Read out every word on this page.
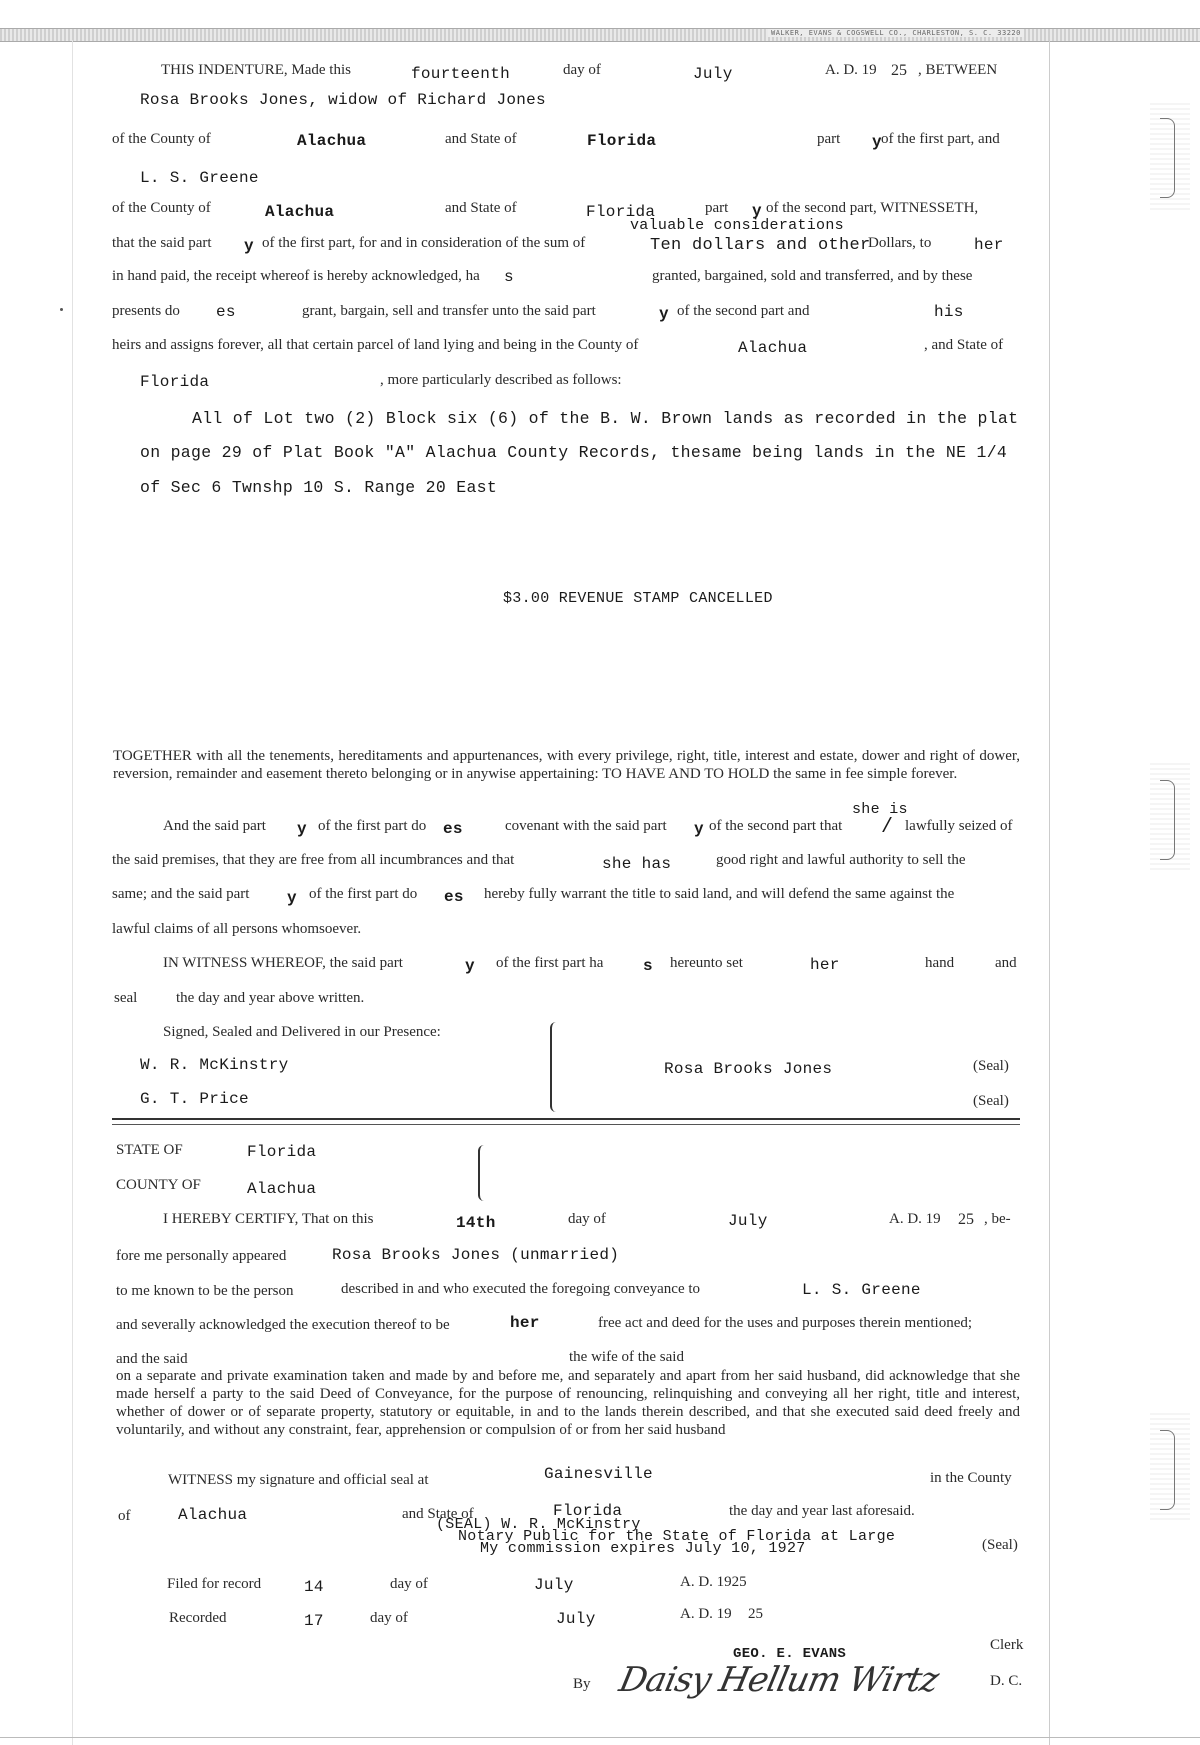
WALKER, EVANS & COGSWELL CO., CHARLESTON, S. C. 33220
THIS INDENTURE, Made this	fourteenth	day of	July	A. D. 19 25 , BETWEEN
Rosa Brooks Jones, widow of Richard Jones
of the County of	Alachua	and State of	Florida	part y of the first part, and
L. S. Greene
of the County of	Alachua	and State of	Florida	part y of the second part, WITNESSETH,
valuable considerations
that the said part y of the first part, for and in consideration of the sum of	Ten dollars and other
Dollars, to	her
in hand paid, the receipt whereof is hereby acknowledged, ha s	granted, bargained, sold and transferred, and by these
presents do es	grant, bargain, sell and transfer unto the said part	y of the second part and	his
heirs and assigns forever, all that certain parcel of land lying and being in the County of	Alachua	, and State of
Florida	, more particularly described as follows:
All of Lot two (2) Block six (6) of the B. W. Brown lands as recorded in the plat
on page 29 of Plat Book "A" Alachua County Records, thesame being lands in the NE 1/4
of Sec 6 Twnshp 10 S. Range 20 East
$3.00 REVENUE STAMP CANCELLED
TOGETHER with all the tenements, hereditaments and appurtenances, with every privilege, right, title, interest and estate, dower and right of dower, reversion, remainder and easement thereto belonging or in anywise appertaining: TO HAVE AND TO HOLD the same in fee simple forever.
she is
And the said part y of the first part do es	covenant with the said part y of the second part that / lawfully seized of
the said premises, that they are free from all incumbrances and that	she has	good right and lawful authority to sell the
same; and the said part y of the first part do es hereby fully warrant the title to said land, and will defend the same against the
lawful claims of all persons whomsoever.
IN WITNESS WHEREOF, the said part	y of the first part ha s hereunto set	her	hand	and
seal	the day and year above written.
Signed, Sealed and Delivered in our Presence:
W. R. McKinstry
G. T. Price
Rosa Brooks Jones	(Seal)
(Seal)
STATE OF	Florida
COUNTY OF	Alachua
I HEREBY CERTIFY, That on this	14th	day of	July	A. D. 19 25 , be-
fore me personally appeared	Rosa Brooks Jones (unmarried)
to me known to be the person	described in and who executed the foregoing conveyance to	L. S. Greene
and severally acknowledged the execution thereof to be	her	free act and deed for the uses and purposes therein mentioned;
and the said	the wife of the said
on a separate and private examination taken and made by and before me, and separately and apart from her said husband, did acknowledge that she made herself a party to the said Deed of Conveyance, for the purpose of renouncing, relinquishing and conveying all her right, title and interest, whether of dower or of separate property, statutory or equitable, in and to the lands therein described, and that she executed said deed freely and voluntarily, and without any constraint, fear, apprehension or compulsion of or from her said husband
WITNESS my signature and official seal at	Gainesville	in the County
of	Alachua	and State of	Florida	the day and year last aforesaid.
(SEAL) W. R. McKinstry
Notary Public for the State of Florida at Large
My commission expires July 10, 1927	(Seal)
Filed for record	14	day of	July	A. D. 1925
Recorded	17	day of	July	A. D. 19 25
GEO. E. EVANS
Clerk
By Daisy Hellum Wirtz	D. C.
